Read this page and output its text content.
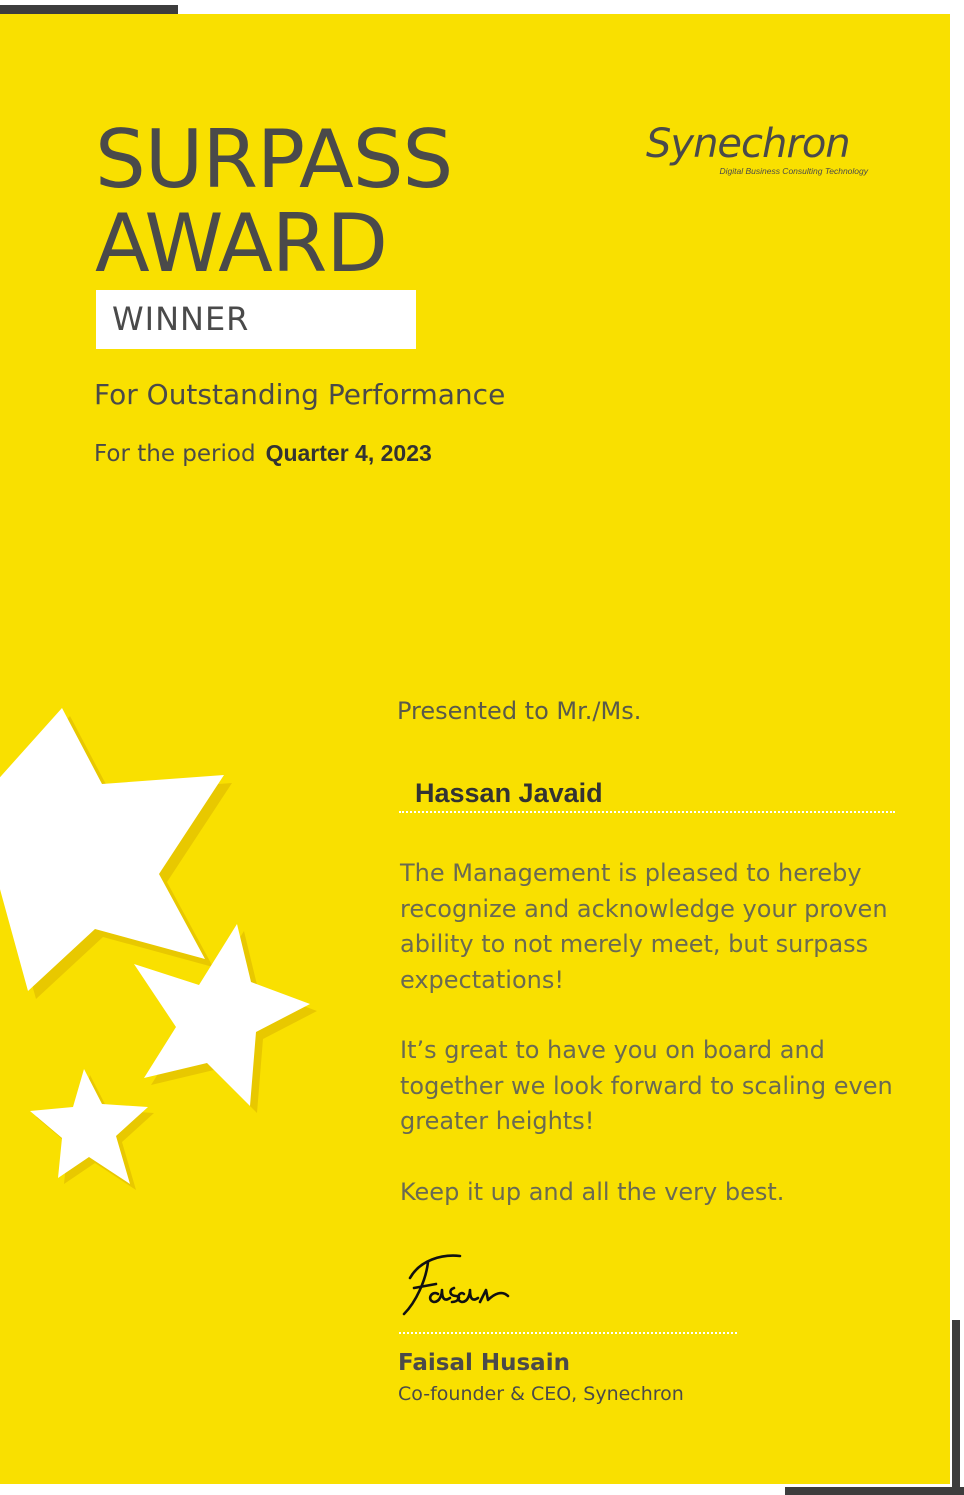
SURPASS
AWARD
WINNER
For Outstanding Performance
For the period Quarter 4, 2023
Synechron
Digital Business Consulting Technology
Presented to Mr./Ms.
Hassan Javaid

The Management is pleased to hereby recognize and acknowledge your proven ability to not merely meet, but surpass expectations!

It’s great to have you on board and together we look forward to scaling even greater heights!

Keep it up and all the very best.

Faisal Husain
Co-founder & CEO, Synechron
